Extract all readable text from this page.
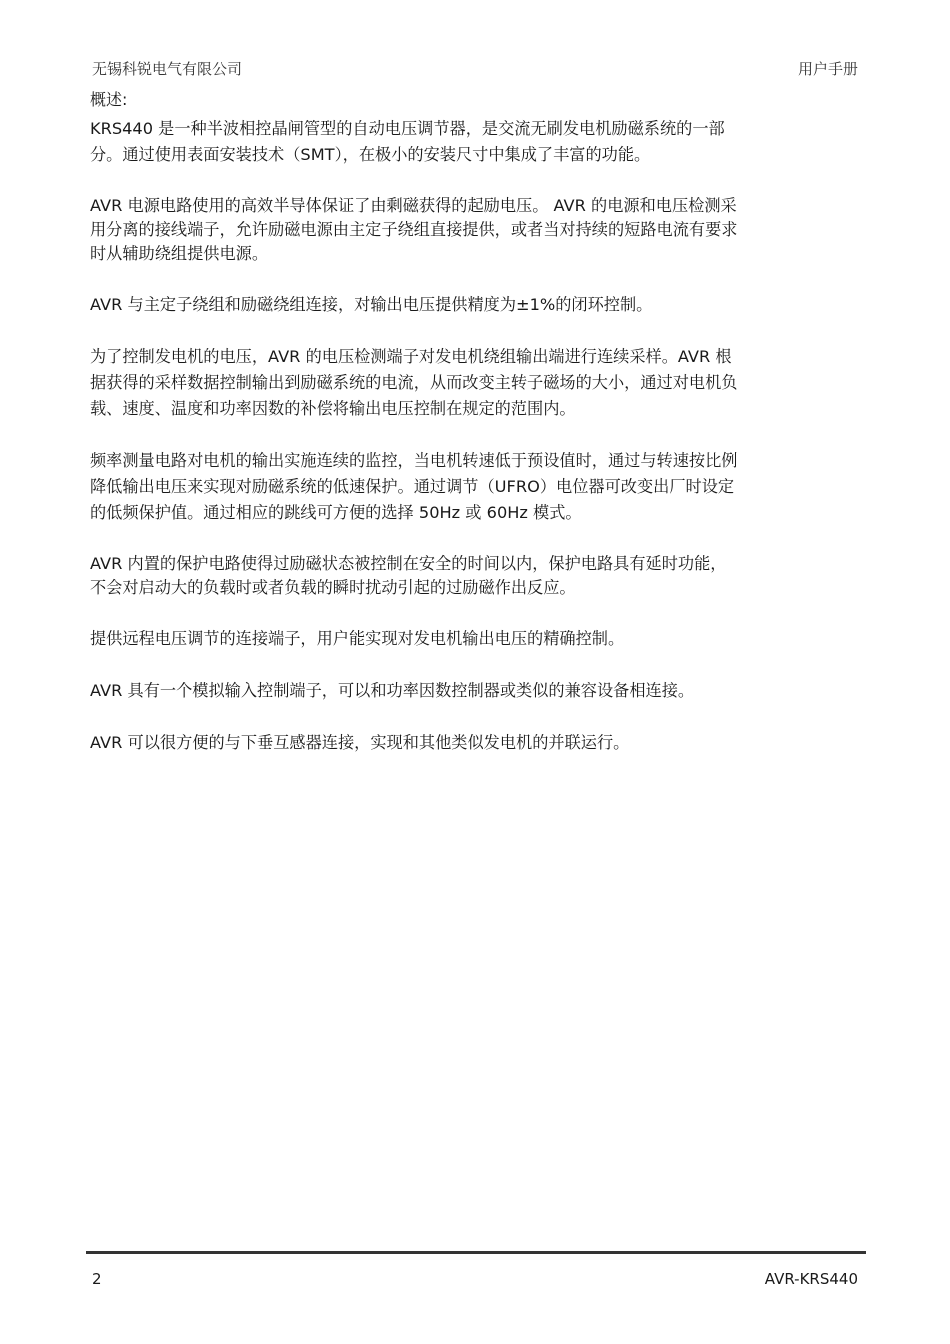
无锡科锐电气有限公司	用户手册
概述:

KRS440 是一种半波相控晶闸管型的自动电压调节器，是交流无刷发电机励磁系统的一部
分。通过使用表面安装技术（SMT），在极小的安装尺寸中集成了丰富的功能。

AVR 电源电路使用的高效半导体保证了由剩磁获得的起励电压。 AVR 的电源和电压检测采
用分离的接线端子，允许励磁电源由主定子绕组直接提供，或者当对持续的短路电流有要求
时从辅助绕组提供电源。

AVR 与主定子绕组和励磁绕组连接，对输出电压提供精度为±1%的闭环控制。

为了控制发电机的电压，AVR 的电压检测端子对发电机绕组输出端进行连续采样。AVR 根
据获得的采样数据控制输出到励磁系统的电流，从而改变主转子磁场的大小，通过对电机负
载、速度、温度和功率因数的补偿将输出电压控制在规定的范围内。

频率测量电路对电机的输出实施连续的监控，当电机转速低于预设值时，通过与转速按比例
降低输出电压来实现对励磁系统的低速保护。通过调节（UFRO）电位器可改变出厂时设定
的低频保护值。通过相应的跳线可方便的选择 50Hz 或 60Hz 模式。

AVR 内置的保护电路使得过励磁状态被控制在安全的时间以内，保护电路具有延时功能，
不会对启动大的负载时或者负载的瞬时扰动引起的过励磁作出反应。

提供远程电压调节的连接端子，用户能实现对发电机输出电压的精确控制。

AVR 具有一个模拟输入控制端子，可以和功率因数控制器或类似的兼容设备相连接。

AVR 可以很方便的与下垂互感器连接，实现和其他类似发电机的并联运行。

2	AVR-KRS440
